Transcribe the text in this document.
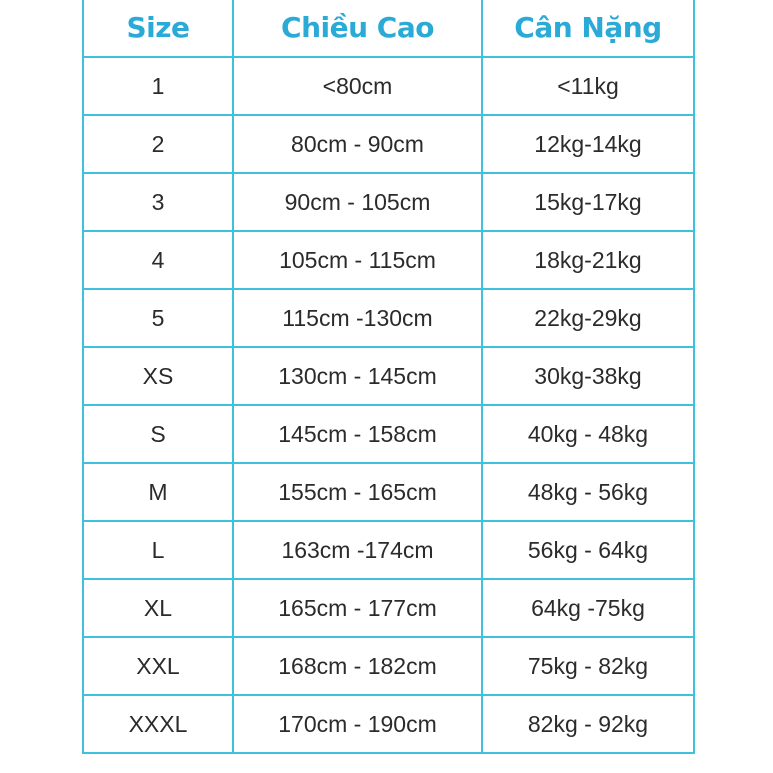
Size	Chiều Cao	Cân Nặng
1	<80cm	<11kg
2	80cm - 90cm	12kg-14kg
3	90cm - 105cm	15kg-17kg
4	105cm - 115cm	18kg-21kg
5	115cm -130cm	22kg-29kg
XS	130cm - 145cm	30kg-38kg
S	145cm - 158cm	40kg - 48kg
M	155cm - 165cm	48kg - 56kg
L	163cm -174cm	56kg - 64kg
XL	165cm - 177cm	64kg -75kg
XXL	168cm - 182cm	75kg - 82kg
XXXL	170cm - 190cm	82kg - 92kg
